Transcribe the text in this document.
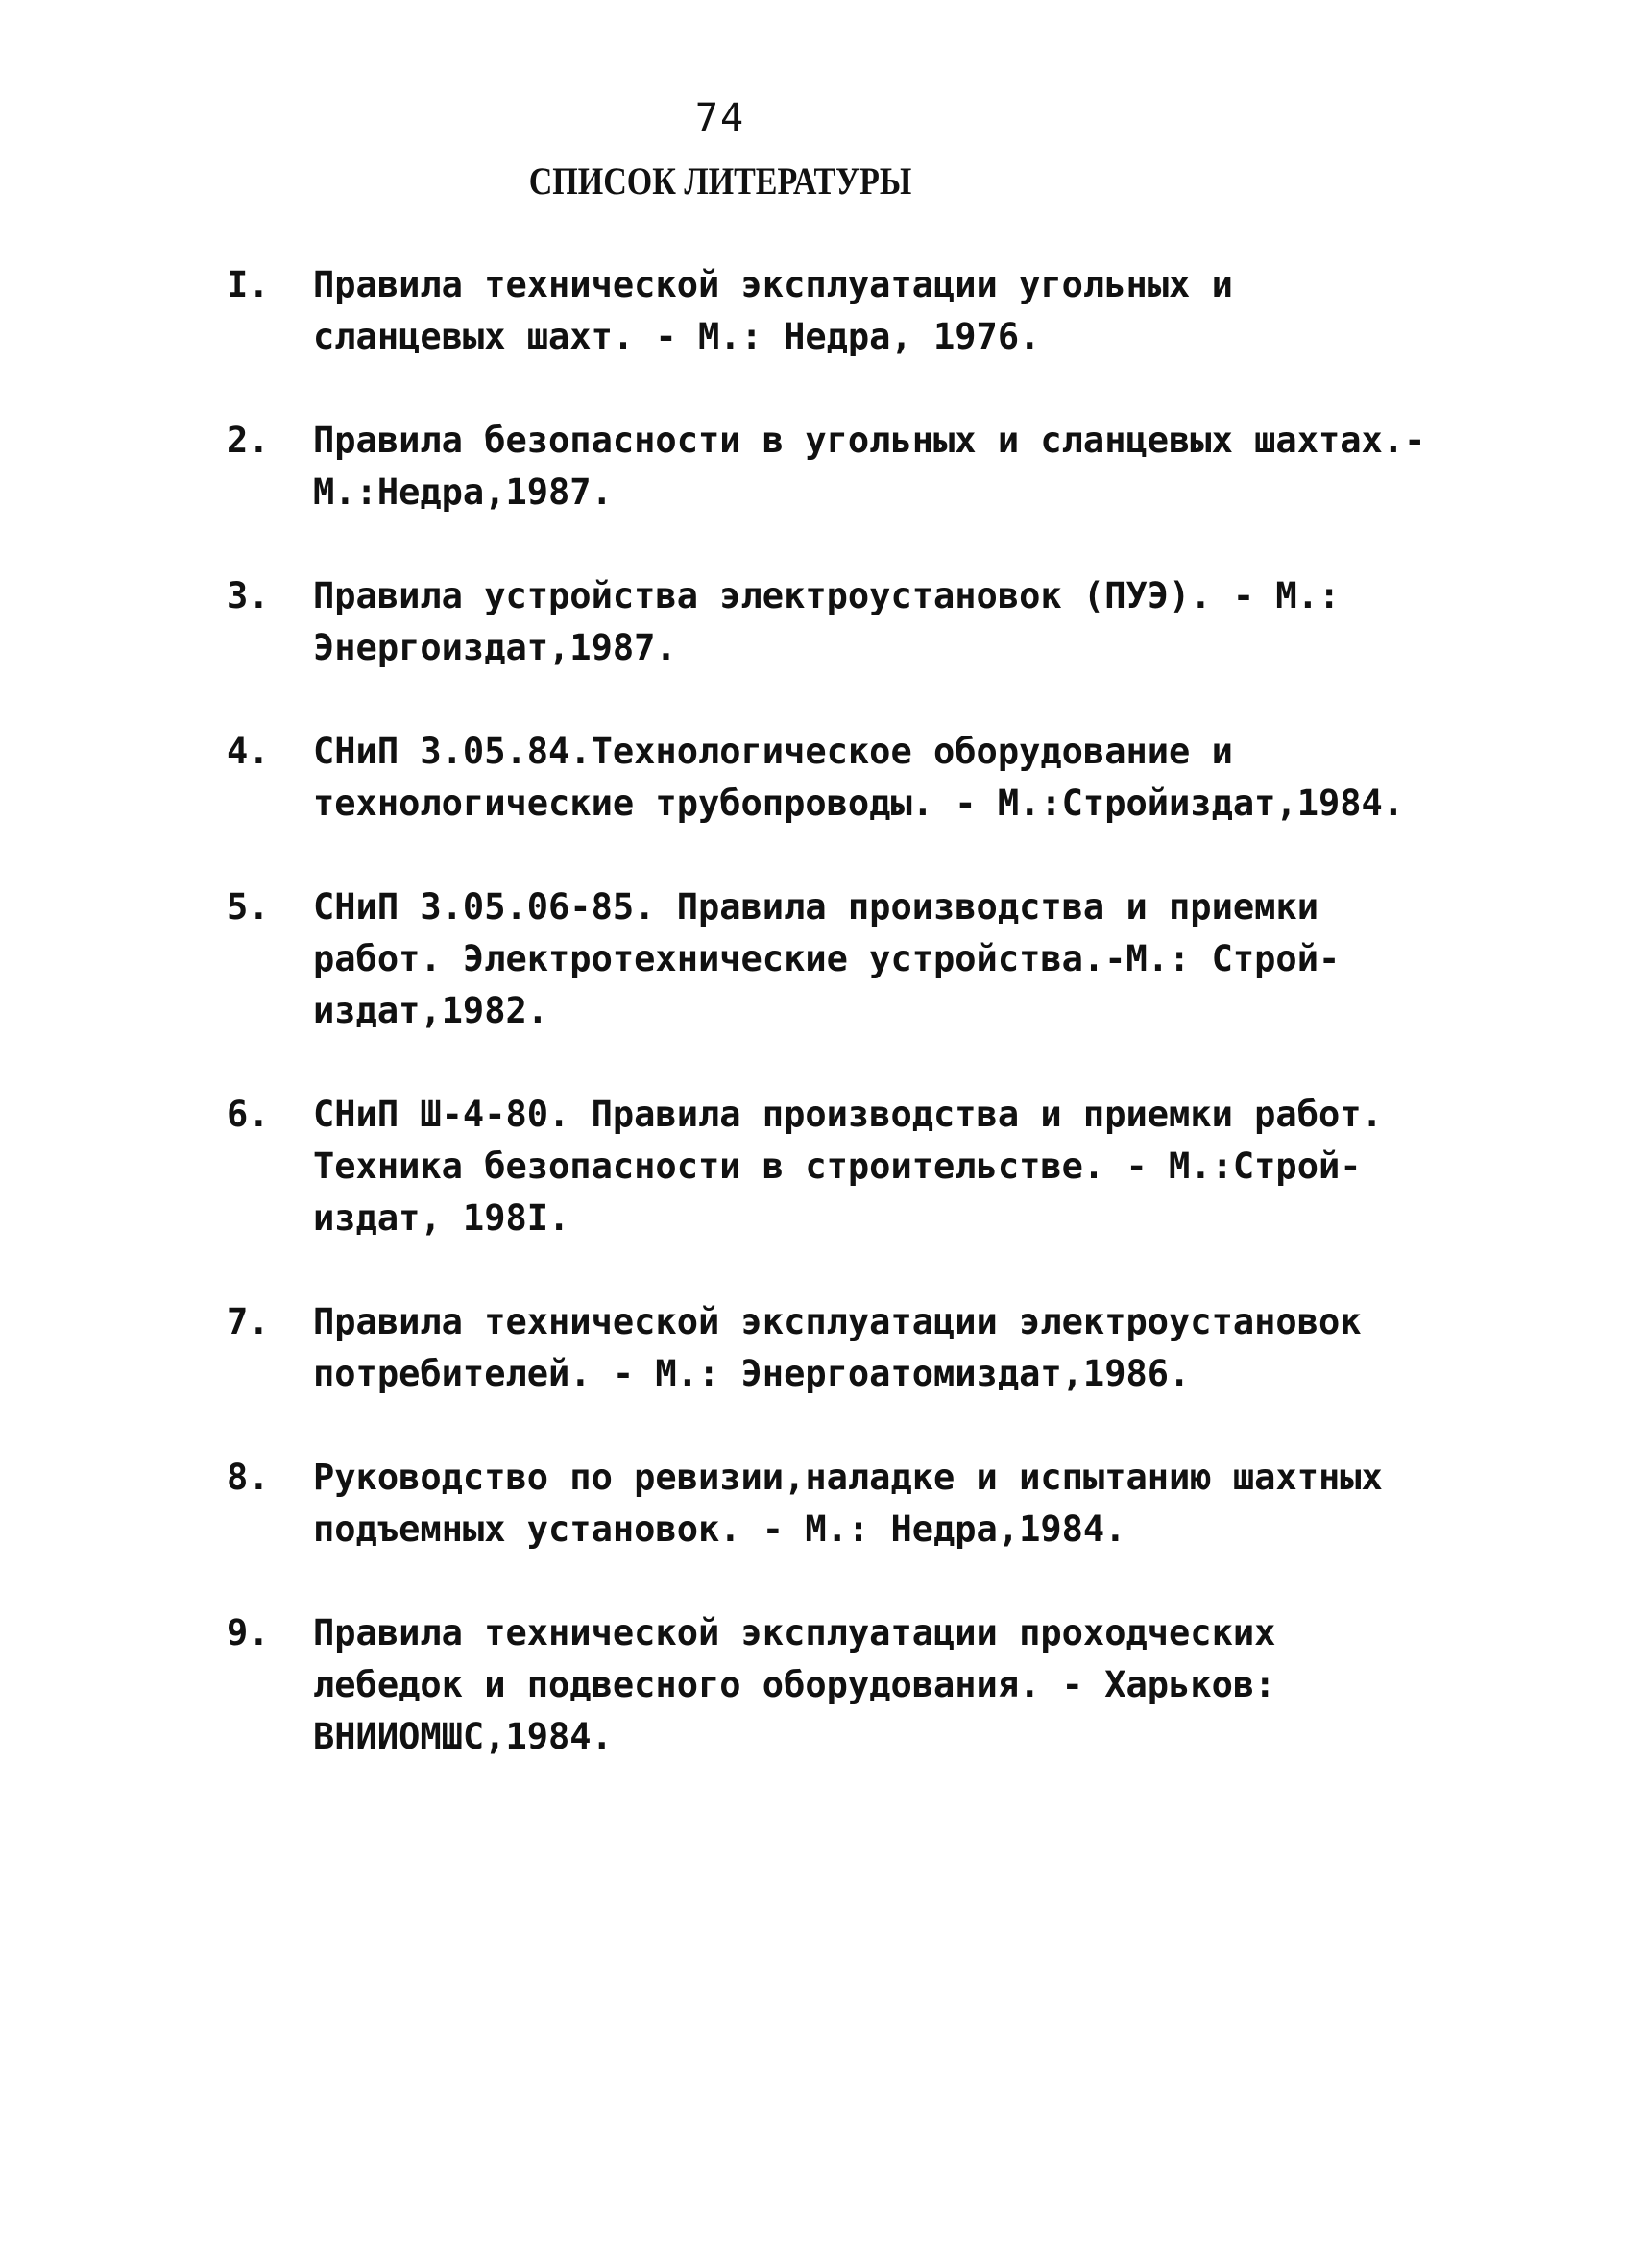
74
СПИСОК ЛИТЕРАТУРЫ
I. Правила технической эксплуатации угольных и
сланцевых шахт. - М.: Недра, 1976.
2. Правила безопасности в угольных и сланцевых шахтах.-
М.:Недра,1987.
3. Правила устройства электроустановок (ПУЭ). - М.:
Энергоиздат,1987.
4. СНиП 3.05.84.Технологическое оборудование и
технологические трубопроводы. - М.:Стройиздат,1984.
5. СНиП 3.05.06-85. Правила производства и приемки
работ. Электротехнические устройства.-М.: Строй-
издат,1982.
6. СНиП Ш-4-80. Правила производства и приемки работ.
Техника безопасности в строительстве. - М.:Строй-
издат, 198I.
7. Правила технической эксплуатации электроустановок
потребителей. - М.: Энергоатомиздат,1986.
8. Руководство по ревизии,наладке и испытанию шахтных
подъемных установок. - М.: Недра,1984.
9. Правила технической эксплуатации проходческих
лебедок и подвесного оборудования. - Харьков:
ВНИИОМШС,1984.
